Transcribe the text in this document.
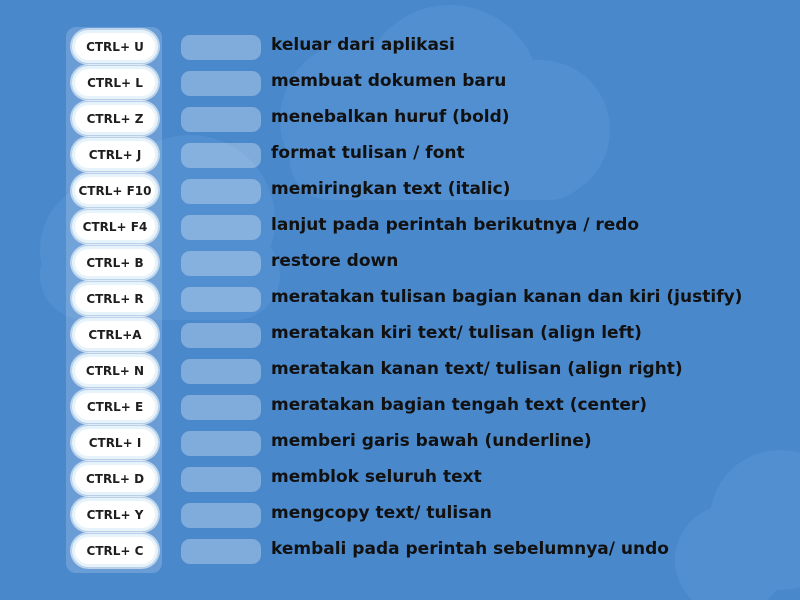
CTRL+ U	keluar dari aplikasi
CTRL+ L	membuat dokumen baru
CTRL+ Z	menebalkan huruf (bold)
CTRL+ J	format tulisan / font
CTRL+ F10	memiringkan text (italic)
CTRL+ F4	lanjut pada perintah berikutnya / redo
CTRL+ B	restore down
CTRL+ R	meratakan tulisan bagian kanan dan kiri (justify)
CTRL+A	meratakan kiri text/ tulisan (align left)
CTRL+ N	meratakan kanan text/ tulisan (align right)
CTRL+ E	meratakan bagian tengah text (center)
CTRL+ I	memberi garis bawah (underline)
CTRL+ D	memblok seluruh text
CTRL+ Y	mengcopy text/ tulisan
CTRL+ C	kembali pada perintah sebelumnya/ undo
